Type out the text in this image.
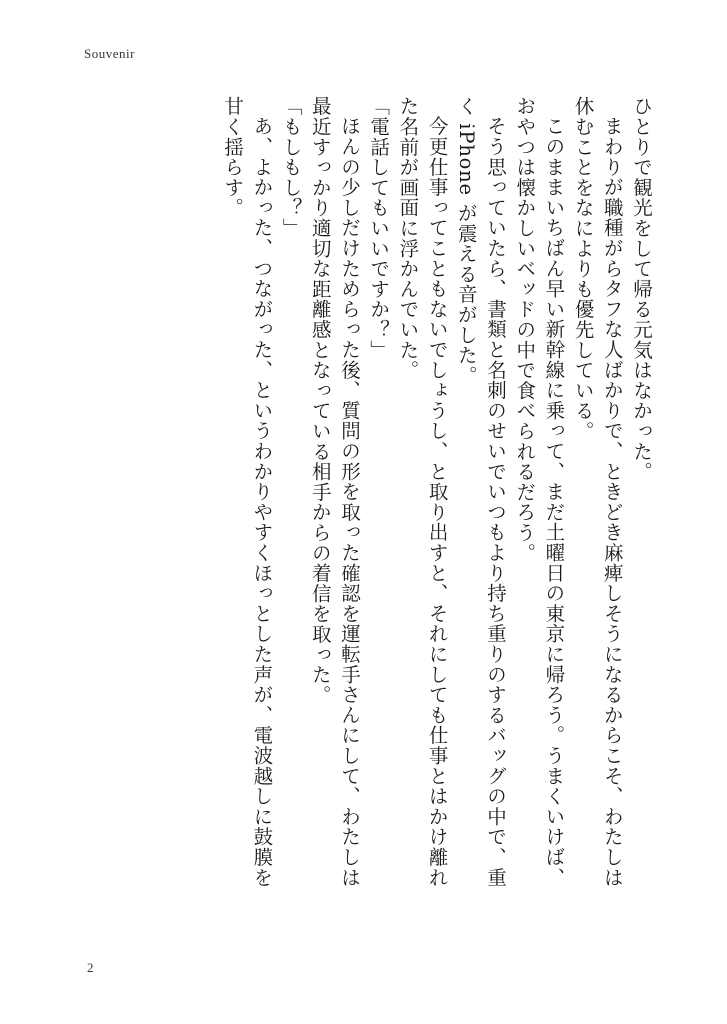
Souvenir

ひとりで観光をして帰る元気はなかった。

まわりが職種がらタフな人ばかりで、ときどき麻痺しそうになるからこそ、わたしは休むことをなによりも優先している。

このままいちばん早い新幹線に乗って、まだ土曜日の東京に帰ろう。うまくいけば、おやつは懐かしいベッドの中で食べられるだろう。

そう思っていたら、書類と名刺のせいでいつもより持ち重りのするバッグの中で、重く iPhone が震える音がした。

今更仕事ってこともないでしょうし、と取り出すと、それにしても仕事とはかけ離れた名前が画面に浮かんでいた。

「電話してもいいですか？」

ほんの少しだけためらった後、質問の形を取った確認を運転手さんにして、わたしは最近すっかり適切な距離感となっている相手からの着信を取った。

「もしもし？」

あ、よかった、つながった、というわかりやすくほっとした声が、電波越しに鼓膜を甘く揺らす。

2
